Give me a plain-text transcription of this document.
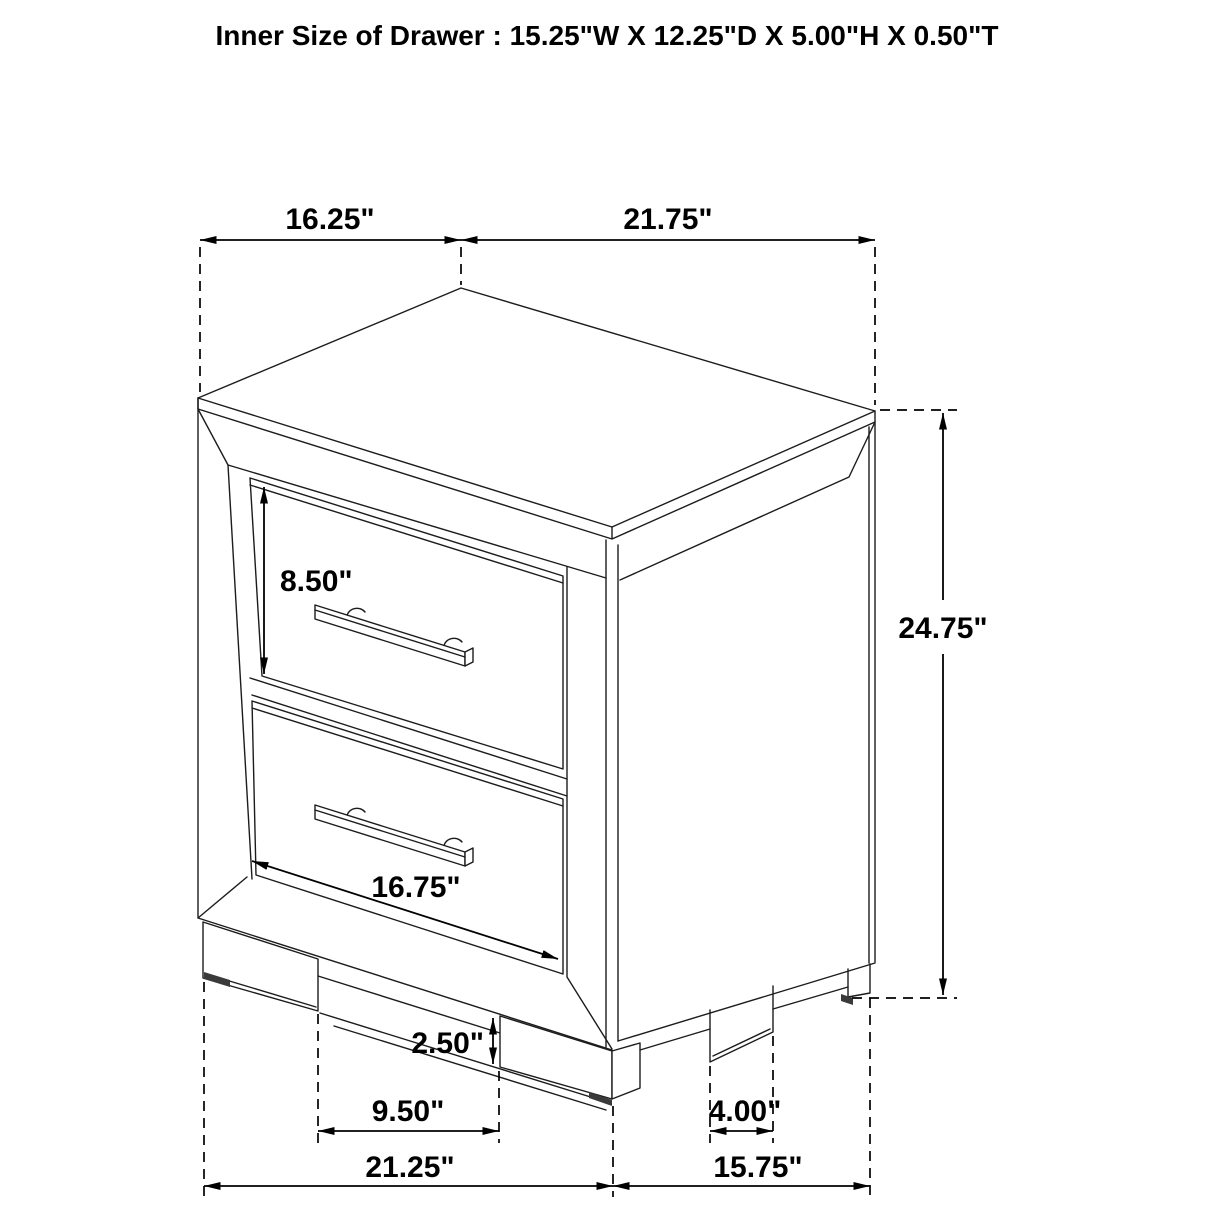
Inner Size of Drawer : 15.25"W X 12.25"D X 5.00"H X 0.50"T
16.25"	21.75"
24.75"
8.50"
16.75"
2.50"
9.50"	4.00"
21.25"	15.75"
